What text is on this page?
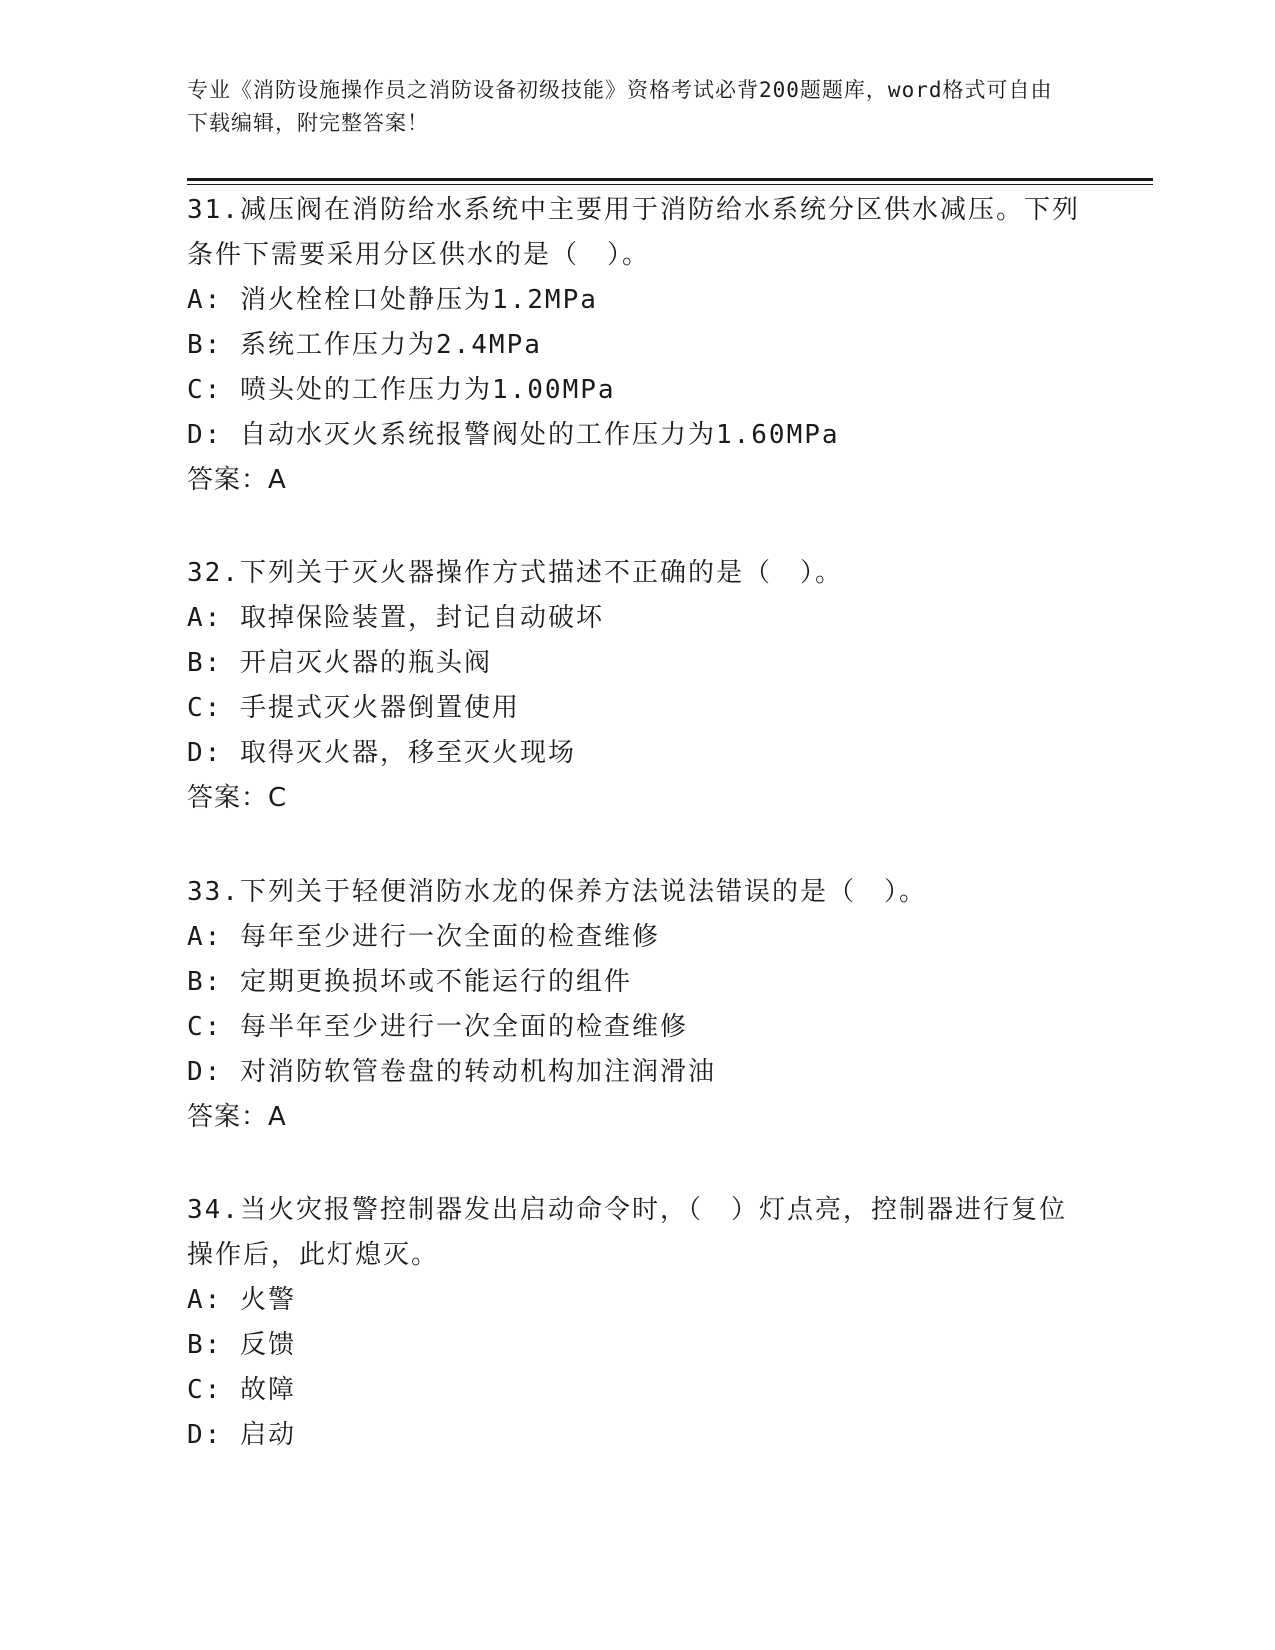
专业《消防设施操作员之消防设备初级技能》资格考试必背200题题库，word格式可自由下载编辑，附完整答案！

31.减压阀在消防给水系统中主要用于消防给水系统分区供水减压。下列条件下需要采用分区供水的是（　）。

A: 消火栓栓口处静压为1.2MPa

B: 系统工作压力为2.4MPa

C: 喷头处的工作压力为1.00MPa

D: 自动水灭火系统报警阀处的工作压力为1.60MPa

答案：A

32.下列关于灭火器操作方式描述不正确的是（　）。

A: 取掉保险装置，封记自动破坏

B: 开启灭火器的瓶头阀

C: 手提式灭火器倒置使用

D: 取得灭火器，移至灭火现场

答案：C

33.下列关于轻便消防水龙的保养方法说法错误的是（　）。

A: 每年至少进行一次全面的检查维修

B: 定期更换损坏或不能运行的组件

C: 每半年至少进行一次全面的检查维修

D: 对消防软管卷盘的转动机构加注润滑油

答案：A

34.当火灾报警控制器发出启动命令时，（　）灯点亮，控制器进行复位操作后，此灯熄灭。

A: 火警

B: 反馈

C: 故障

D: 启动
